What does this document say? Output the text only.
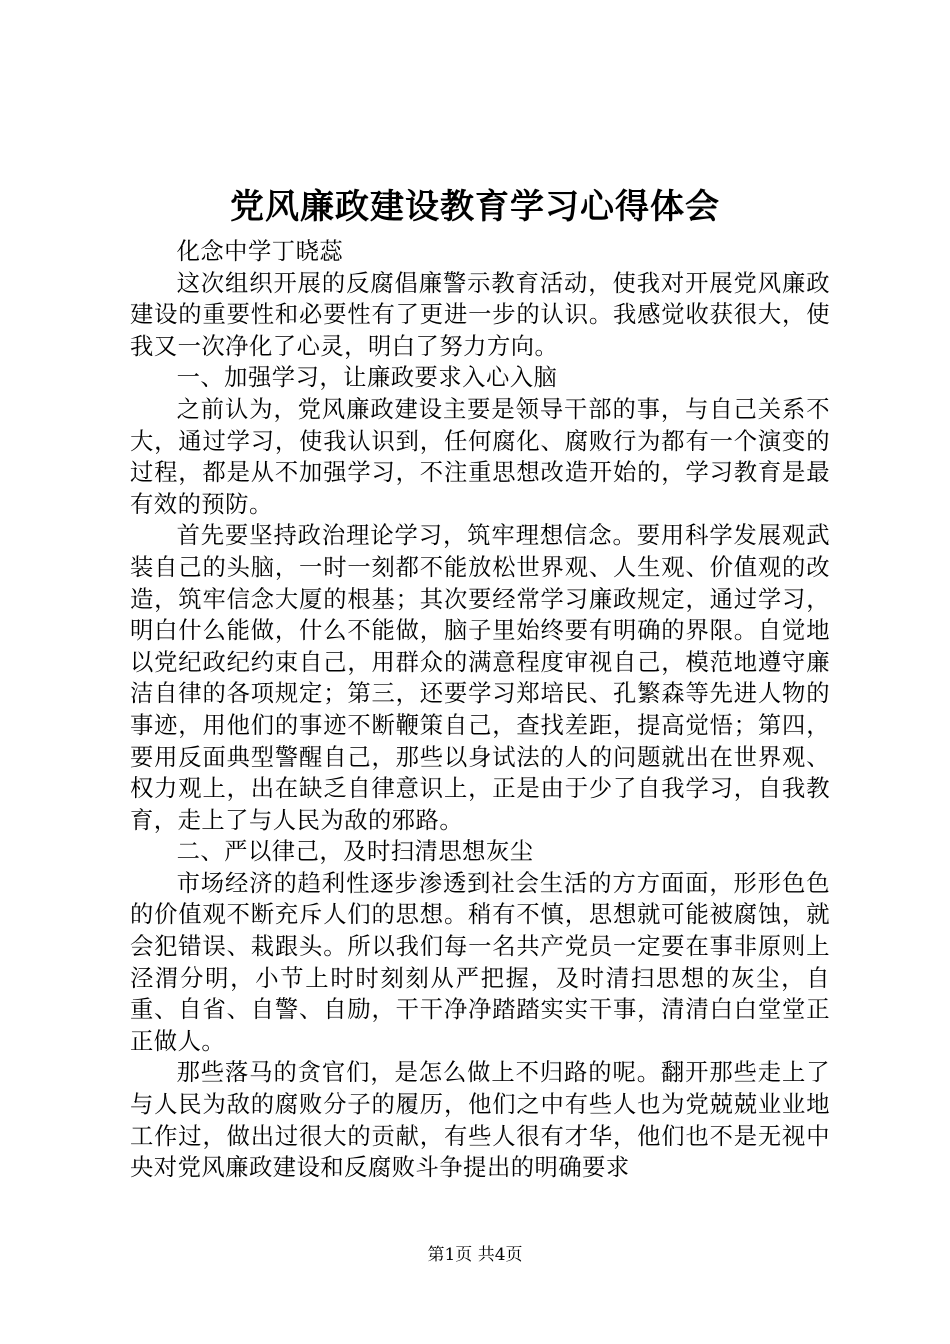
党风廉政建设教育学习心得体会

化念中学丁晓蕊

这次组织开展的反腐倡廉警示教育活动，使我对开展党风廉政建设的重要性和必要性有了更进一步的认识。我感觉收获很大，使我又一次净化了心灵，明白了努力方向。

一、加强学习，让廉政要求入心入脑

之前认为，党风廉政建设主要是领导干部的事，与自己关系不大，通过学习，使我认识到，任何腐化、腐败行为都有一个演变的过程，都是从不加强学习，不注重思想改造开始的，学习教育是最有效的预防。

首先要坚持政治理论学习，筑牢理想信念。要用科学发展观武装自己的头脑，一时一刻都不能放松世界观、人生观、价值观的改造，筑牢信念大厦的根基；其次要经常学习廉政规定，通过学习，明白什么能做，什么不能做，脑子里始终要有明确的界限。自觉地以党纪政纪约束自己，用群众的满意程度审视自己，模范地遵守廉洁自律的各项规定；第三，还要学习郑培民、孔繁森等先进人物的事迹，用他们的事迹不断鞭策自己，查找差距，提高觉悟；第四，要用反面典型警醒自己，那些以身试法的人的问题就出在世界观、权力观上，出在缺乏自律意识上，正是由于少了自我学习，自我教育，走上了与人民为敌的邪路。

二、严以律己，及时扫清思想灰尘

市场经济的趋利性逐步渗透到社会生活的方方面面，形形色色的价值观不断充斥人们的思想。稍有不慎，思想就可能被腐蚀，就会犯错误、栽跟头。所以我们每一名共产党员一定要在事非原则上泾渭分明，小节上时时刻刻从严把握，及时清扫思想的灰尘，自重、自省、自警、自励，干干净净踏踏实实干事，清清白白堂堂正正做人。

那些落马的贪官们，是怎么做上不归路的呢。翻开那些走上了与人民为敌的腐败分子的履历，他们之中有些人也为党兢兢业业地工作过，做出过很大的贡献，有些人很有才华，他们也不是无视中央对党风廉政建设和反腐败斗争提出的明确要求

第1页 共4页
